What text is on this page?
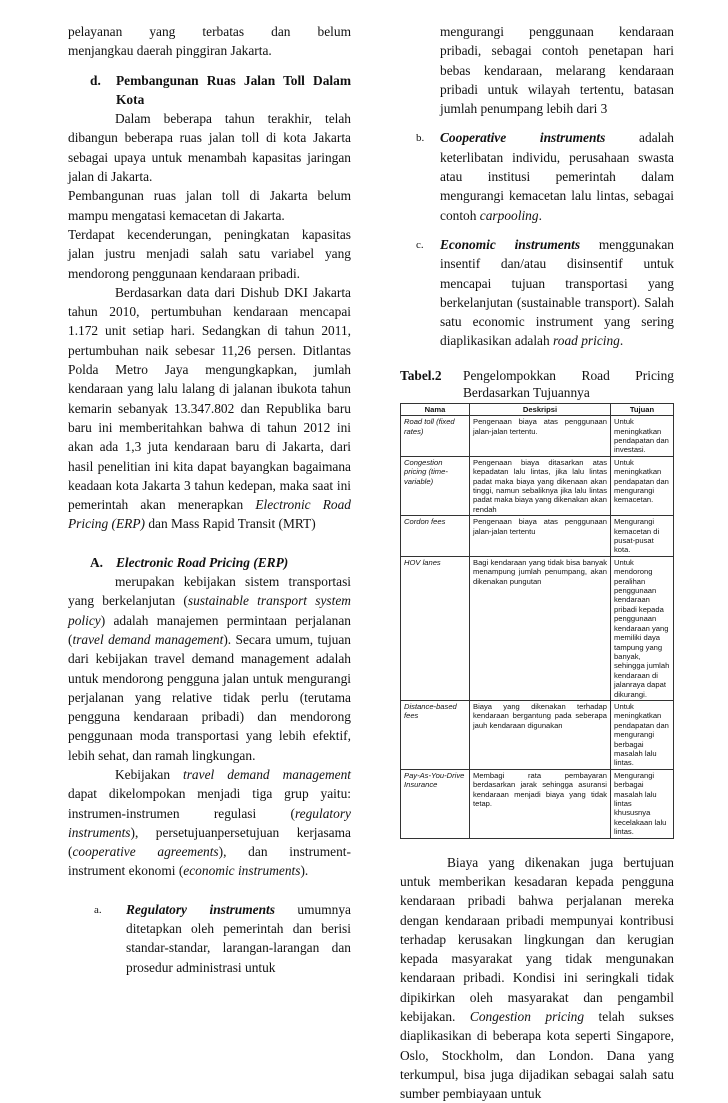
pelayanan yang terbatas dan belum

menjangkau daerah pinggiran Jakarta.

d.	Pembangunan Ruas Jalan Toll Dalam Kota

Dalam beberapa tahun terakhir, telah dibangun beberapa ruas jalan toll di kota Jakarta sebagai upaya untuk menambah kapasitas jaringan jalan di Jakarta.

Pembangunan ruas jalan toll di Jakarta belum mampu mengatasi kemacetan di Jakarta.

Terdapat kecenderungan, peningkatan kapasitas jalan justru menjadi salah satu variabel yang mendorong penggunaan kendaraan pribadi.

Berdasarkan data dari Dishub DKI Jakarta tahun 2010, pertumbuhan kendaraan mencapai 1.172 unit setiap hari. Sedangkan di tahun 2011, pertumbuhan naik sebesar 11,26 persen. Ditlantas Polda Metro Jaya mengungkapkan, jumlah kendaraan yang lalu lalang di jalanan ibukota tahun kemarin sebanyak 13.347.802 dan Republika baru baru ini memberitahkan bahwa di tahun 2012 ini akan ada 1,3 juta kendaraan baru di Jakarta, dari hasil penelitian ini kita dapat bayangkan bagaimana keadaan kota Jakarta 3 tahun kedepan, maka saat ini pemerintah akan menerapkan Electronic Road Pricing (ERP) dan Mass Rapid Transit (MRT)

A. Electronic Road Pricing (ERP)

merupakan kebijakan sistem transportasi yang berkelanjutan (sustainable transport system policy) adalah manajemen permintaan perjalanan (travel demand management). Secara umum, tujuan dari kebijakan travel demand management adalah untuk mendorong pengguna jalan untuk mengurangi perjalanan yang relative tidak perlu (terutama pengguna kendaraan pribadi) dan mendorong penggunaan moda transportasi yang lebih efektif, lebih sehat, dan ramah lingkungan.

Kebijakan travel demand management dapat dikelompokan menjadi tiga grup yaitu: instrumen-instrumen regulasi (regulatory instruments), persetujuanpersetujuan kerjasama (cooperative agreements), dan instrument-instrument ekonomi (economic instruments).

a.	Regulatory instruments umumnya ditetapkan oleh pemerintah dan berisi standar-standar, larangan-larangan dan prosedur administrasi untuk

mengurangi penggunaan kendaraan pribadi, sebagai contoh penetapan hari bebas kendaraan, melarang kendaraan pribadi untuk wilayah tertentu, batasan jumlah penumpang lebih dari 3

b.	Cooperative instruments adalah keterlibatan individu, perusahaan swasta atau institusi pemerintah dalam mengurangi kemacetan lalu lintas, sebagai contoh carpooling.

c.	Economic instruments menggunakan insentif dan/atau disinsentif untuk mencapai tujuan transportasi yang berkelanjutan (sustainable transport). Salah satu economic instrument yang sering diaplikasikan adalah road pricing.

Tabel.2	Pengelompokkan Road Pricing Berdasarkan Tujuannya
Nama	Deskripsi	Tujuan
Road toll (fixed rates)	Pengenaan biaya atas penggunaan jalan-jalan tertentu.	Untuk meningkatkan pendapatan dan investasi.
Congestion pricing (time-variable)	Pengenaan biaya ditasarkan atas kepadatan lalu lintas, jika lalu lintas padat maka biaya yang dikenaan akan tinggi, namun sebaliknya jika lalu lintas padat maka biaya yang dikenakan akan rendah	Untuk meningkatkan pendapatan dan mengurangi kemacetan.
Cordon fees	Pengenaan biaya atas penggunaan jalan-jalan tertentu	Mengurangi kemacetan di pusat-pusat kota.
HOV lanes	Bagi kendaraan yang tidak bisa banyak menampung jumlah penumpang, akan dikenakan pungutan	Untuk mendorong peralihan penggunaan kendaraan pribadi kepada penggunaan kendaraan yang memiliki daya tampung yang banyak, sehingga jumlah kendaraan di jalanraya dapat dikurangi.
Distance-based fees	Biaya yang dikenakan terhadap kendaraan bergantung pada seberapa jauh kendaraan digunakan	Untuk meningkatkan pendapatan dan mengurangi berbagai masalah lalu lintas.
Pay-As-You-Drive Insurance	Membagi rata pembayaran berdasarkan jarak sehingga asuransi kendaraan menjadi biaya yang tidak tetap.	Mengurangi berbagai masalah lalu lintas khususnya kecelakaan lalu lintas.

Biaya yang dikenakan juga bertujuan untuk memberikan kesadaran kepada pengguna kendaraan pribadi bahwa perjalanan mereka dengan kendaraan pribadi mempunyai kontribusi terhadap kerusakan lingkungan dan kerugian kepada masyarakat yang tidak mengunakan kendaraan pribadi. Kondisi ini seringkali tidak dipikirkan oleh masyarakat dan pengambil kebijakan. Congestion pricing telah sukses diaplikasikan di beberapa kota seperti Singapore, Oslo, Stockholm, dan London. Dana yang terkumpul, bisa juga dijadikan sebagai salah satu sumber pembiayaan untuk
